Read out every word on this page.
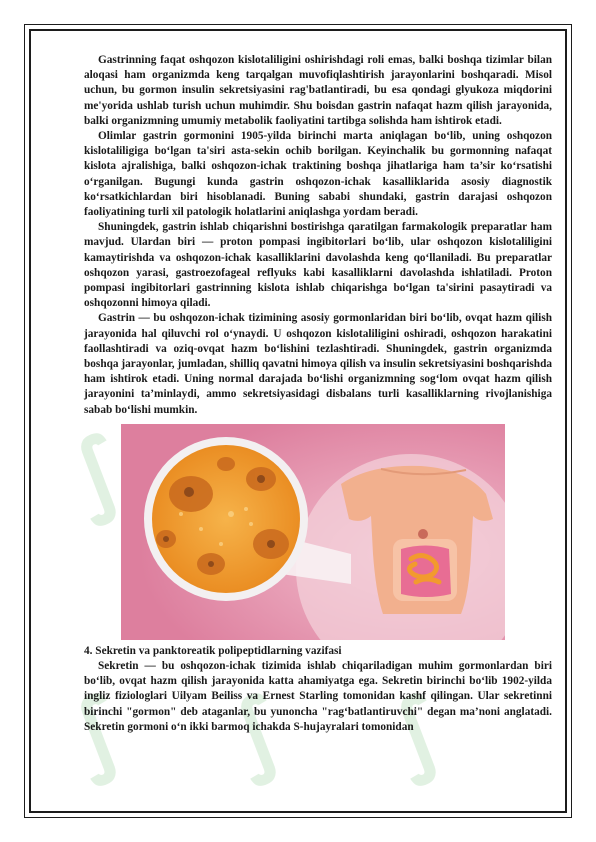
∫
∫ ∫ ∫

Gastrinning faqat oshqozon kislotaliligini oshirishdagi roli emas, balki boshqa tizimlar bilan aloqasi ham organizmda keng tarqalgan muvofiqlashtirish jarayonlarini boshqaradi. Misol uchun, bu gormon insulin sekretsiyasini rag'batlantiradi, bu esa qondagi glyukoza miqdorini me'yorida ushlab turish uchun muhimdir. Shu boisdan gastrin nafaqat hazm qilish jarayonida, balki organizmning umumiy metabolik faoliyatini tartibga solishda ham ishtirok etadi.

Olimlar gastrin gormonini 1905-yilda birinchi marta aniqlagan bo‘lib, uning oshqozon kislotaliligiga bo‘lgan ta'siri asta-sekin ochib borilgan. Keyinchalik bu gormonning nafaqat kislota ajralishiga, balki oshqozon-ichak traktining boshqa jihatlariga ham ta’sir ko‘rsatishi o‘rganilgan. Bugungi kunda gastrin oshqozon-ichak kasalliklarida asosiy diagnostik ko‘rsatkichlardan biri hisoblanadi. Buning sababi shundaki, gastrin darajasi oshqozon faoliyatining turli xil patologik holatlarini aniqlashga yordam beradi.

Shuningdek, gastrin ishlab chiqarishni bostirishga qaratilgan farmakologik preparatlar ham mavjud. Ulardan biri — proton pompasi ingibitorlari bo‘lib, ular oshqozon kislotaliligini kamaytirishda va oshqozon-ichak kasalliklarini davolashda keng qo‘llaniladi. Bu preparatlar oshqozon yarasi, gastroezofageal reflyuks kabi kasalliklarni davolashda ishlatiladi. Proton pompasi ingibitorlari gastrinning kislota ishlab chiqarishga bo‘lgan ta'sirini pasaytiradi va oshqozonni himoya qiladi.

Gastrin — bu oshqozon-ichak tizimining asosiy gormonlaridan biri bo‘lib, ovqat hazm qilish jarayonida hal qiluvchi rol o‘ynaydi. U oshqozon kislotaliligini oshiradi, oshqozon harakatini faollashtiradi va oziq-ovqat hazm bo‘lishini tezlashtiradi. Shuningdek, gastrin organizmda boshqa jarayonlar, jumladan, shilliq qavatni himoya qilish va insulin sekretsiyasini boshqarishda ham ishtirok etadi. Uning normal darajada bo‘lishi organizmning sog‘lom ovqat hazm qilish jarayonini ta’minlaydi, ammo sekretsiyasidagi disbalans turli kasalliklarning rivojlanishiga sabab bo‘lishi mumkin.

4. Sekretin va panktoreatik polipeptidlarning vazifasi

Sekretin — bu oshqozon-ichak tizimida ishlab chiqariladigan muhim gormonlardan biri bo‘lib, ovqat hazm qilish jarayonida katta ahamiyatga ega. Sekretin birinchi bo‘lib 1902-yilda ingliz fiziologlari Uilyam Beiliss va Ernest Starling tomonidan kashf qilingan. Ular sekretinni birinchi "gormon" deb ataganlar, bu yunoncha "rag‘batlantiruvchi" degan ma’noni anglatadi. Sekretin gormoni o‘n ikki barmoq ichakda S-hujayralari tomonidan
